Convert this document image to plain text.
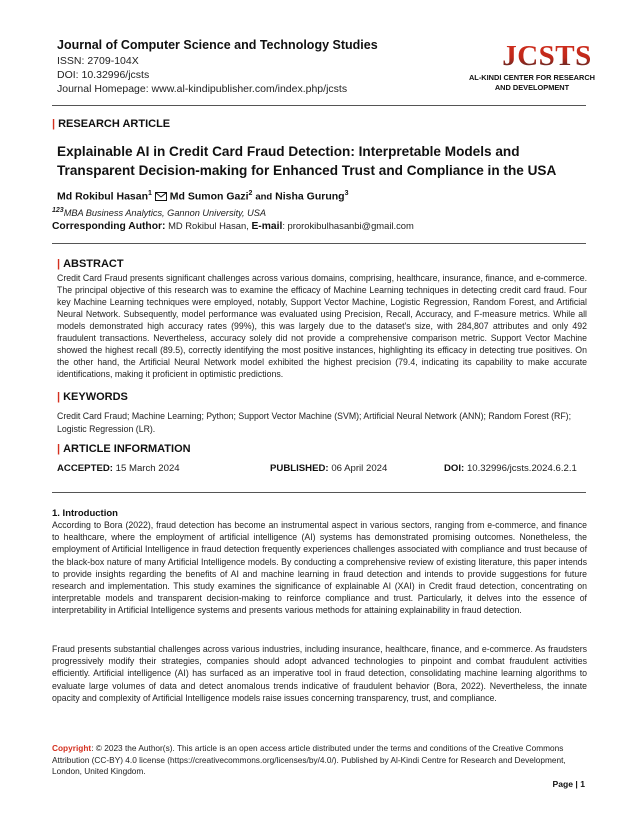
Journal of Computer Science and Technology Studies
ISSN: 2709-104X
DOI: 10.32996/jcsts
Journal Homepage: www.al-kindipublisher.com/index.php/jcsts
JCSTS
AL-KINDI CENTER FOR RESEARCH
AND DEVELOPMENT
| RESEARCH ARTICLE
Explainable AI in Credit Card Fraud Detection: Interpretable Models and Transparent Decision-making for Enhanced Trust and Compliance in the USA
Md Rokibul Hasan$^1$ Md Sumon Gazi$^2$ and Nisha Gurung$^3$
$^{123}$MBA Business Analytics, Gannon University, USA
Corresponding Author: MD Rokibul Hasan, E-mail: prorokibulhasanbi@gmail.com
| ABSTRACT
Credit Card Fraud presents significant challenges across various domains, comprising, healthcare, insurance, finance, and e-commerce. The principal objective of this research was to examine the efficacy of Machine Learning techniques in detecting credit card fraud. Four key Machine Learning techniques were employed, notably, Support Vector Machine, Logistic Regression, Random Forest, and Artificial Neural Network. Subsequently, model performance was evaluated using Precision, Recall, Accuracy, and F-measure metrics. While all models demonstrated high accuracy rates (99%), this was largely due to the dataset's size, with 284,807 attributes and only 492 fraudulent transactions. Nevertheless, accuracy solely did not provide a comprehensive comparison metric. Support Vector Machine showed the highest recall (89.5), correctly identifying the most positive instances, highlighting its efficacy in detecting true positives. On the other hand, the Artificial Neural Network model exhibited the highest precision (79.4, indicating its capability to make accurate identifications, making it proficient in optimistic predictions.
| KEYWORDS
Credit Card Fraud; Machine Learning; Python; Support Vector Machine (SVM); Artificial Neural Network (ANN); Random Forest (RF); Logistic Regression (LR).
| ARTICLE INFORMATION
ACCEPTED: 15 March 2024	PUBLISHED: 06 April 2024	DOI: 10.32996/jcsts.2024.6.2.1
1. Introduction
According to Bora (2022), fraud detection has become an instrumental aspect in various sectors, ranging from e-commerce, and finance to healthcare, where the employment of artificial intelligence (AI) systems has demonstrated promising outcomes. Nonetheless, the employment of Artificial Intelligence in fraud detection frequently experiences challenges associated with compliance and trust because of the black-box nature of many Artificial Intelligence models. By conducting a comprehensive review of existing literature, this paper intends to provide insights regarding the benefits of AI and machine learning in fraud detection and intends to provide suggestions for future research and implementation. This study examines the significance of explainable AI (XAI) in Credit fraud detection, concentrating on interpretable models and transparent decision-making to reinforce compliance and trust. Particularly, it delves into the essence of interpretability in Artificial Intelligence systems and presents various methods for attaining explainability in fraud detection.
Fraud presents substantial challenges across various industries, including insurance, healthcare, finance, and e-commerce. As fraudsters progressively modify their strategies, companies should adopt advanced technologies to pinpoint and combat fraudulent activities efficiently. Artificial intelligence (AI) has surfaced as an imperative tool in fraud detection, consolidating machine learning algorithms to evaluate large volumes of data and detect anomalous trends indicative of fraudulent behavior (Bora, 2022). Nevertheless, the innate opacity and complexity of Artificial Intelligence models raise issues concerning transparency, trust, and compliance.
Copyright: © 2023 the Author(s). This article is an open access article distributed under the terms and conditions of the Creative Commons Attribution (CC-BY) 4.0 license (https://creativecommons.org/licenses/by/4.0/). Published by Al-Kindi Centre for Research and Development, London, United Kingdom.
Page | 1
